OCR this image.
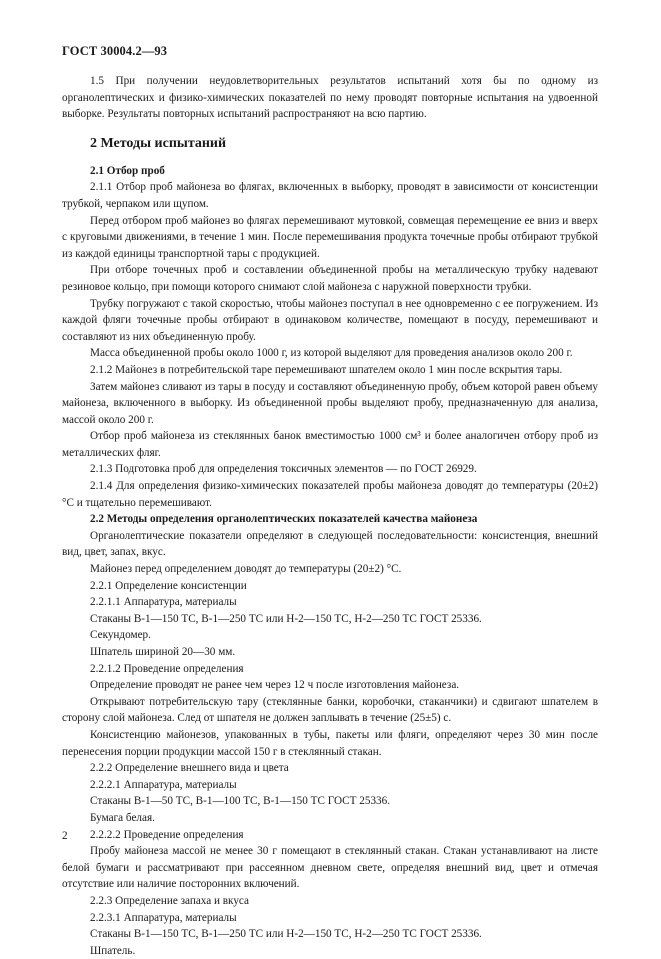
ГОСТ 30004.2—93

1.5 При получении неудовлетворительных результатов испытаний хотя бы по одному из органолептических и физико-химических показателей по нему проводят повторные испытания на удвоенной выборке. Результаты повторных испытаний распространяют на всю партию.

2 Методы испытаний

2.1 Отбор проб

2.1.1 Отбор проб майонеза во флягах, включенных в выборку, проводят в зависимости от консистенции трубкой, черпаком или щупом.

Перед отбором проб майонез во флягах перемешивают мутовкой, совмещая перемещение ее вниз и вверх с круговыми движениями, в течение 1 мин. После перемешивания продукта точечные пробы отбирают трубкой из каждой единицы транспортной тары с продукцией.

При отборе точечных проб и составлении объединенной пробы на металлическую трубку надевают резиновое кольцо, при помощи которого снимают слой майонеза с наружной поверхности трубки.

Трубку погружают с такой скоростью, чтобы майонез поступал в нее одновременно с ее погружением. Из каждой фляги точечные пробы отбирают в одинаковом количестве, помещают в посуду, перемешивают и составляют из них объединенную пробу.

Масса объединенной пробы около 1000 г, из которой выделяют для проведения анализов около 200 г.

2.1.2 Майонез в потребительской таре перемешивают шпателем около 1 мин после вскрытия тары.

Затем майонез сливают из тары в посуду и составляют объединенную пробу, объем которой равен объему майонеза, включенного в выборку. Из объединенной пробы выделяют пробу, предназначенную для анализа, массой около 200 г.

Отбор проб майонеза из стеклянных банок вместимостью 1000 см³ и более аналогичен отбору проб из металлических фляг.

2.1.3 Подготовка проб для определения токсичных элементов — по ГОСТ 26929.

2.1.4 Для определения физико-химических показателей пробы майонеза доводят до температуры (20±2) °С и тщательно перемешивают.

2.2 Методы определения органолептических показателей качества майонеза

Органолептические показатели определяют в следующей последовательности: консистенция, внешний вид, цвет, запах, вкус.

Майонез перед определением доводят до температуры (20±2) °С.

2.2.1 Определение консистенции

2.2.1.1 Аппаратура, материалы

Стаканы В-1—150 ТС, В-1—250 ТС или Н-2—150 ТС, Н-2—250 ТС ГОСТ 25336.

Секундомер.

Шпатель шириной 20—30 мм.

2.2.1.2 Проведение определения

Определение проводят не ранее чем через 12 ч после изготовления майонеза.

Открывают потребительскую тару (стеклянные банки, коробочки, стаканчики) и сдвигают шпателем в сторону слой майонеза. След от шпателя не должен заплывать в течение (25±5) с.

Консистенцию майонезов, упакованных в тубы, пакеты или фляги, определяют через 30 мин после перенесения порции продукции массой 150 г в стеклянный стакан.

2.2.2 Определение внешнего вида и цвета

2.2.2.1 Аппаратура, материалы

Стаканы В-1—50 ТС, В-1—100 ТС, В-1—150 ТС ГОСТ 25336.

Бумага белая.

2.2.2.2 Проведение определения

Пробу майонеза массой не менее 30 г помещают в стеклянный стакан. Стакан устанавливают на листе белой бумаги и рассматривают при рассеянном дневном свете, определяя внешний вид, цвет и отмечая отсутствие или наличие посторонних включений.

2.2.3 Определение запаха и вкуса

2.2.3.1 Аппаратура, материалы

Стаканы В-1—150 ТС, В-1—250 ТС или Н-2—150 ТС, Н-2—250 ТС ГОСТ 25336.

Шпатель.

2
